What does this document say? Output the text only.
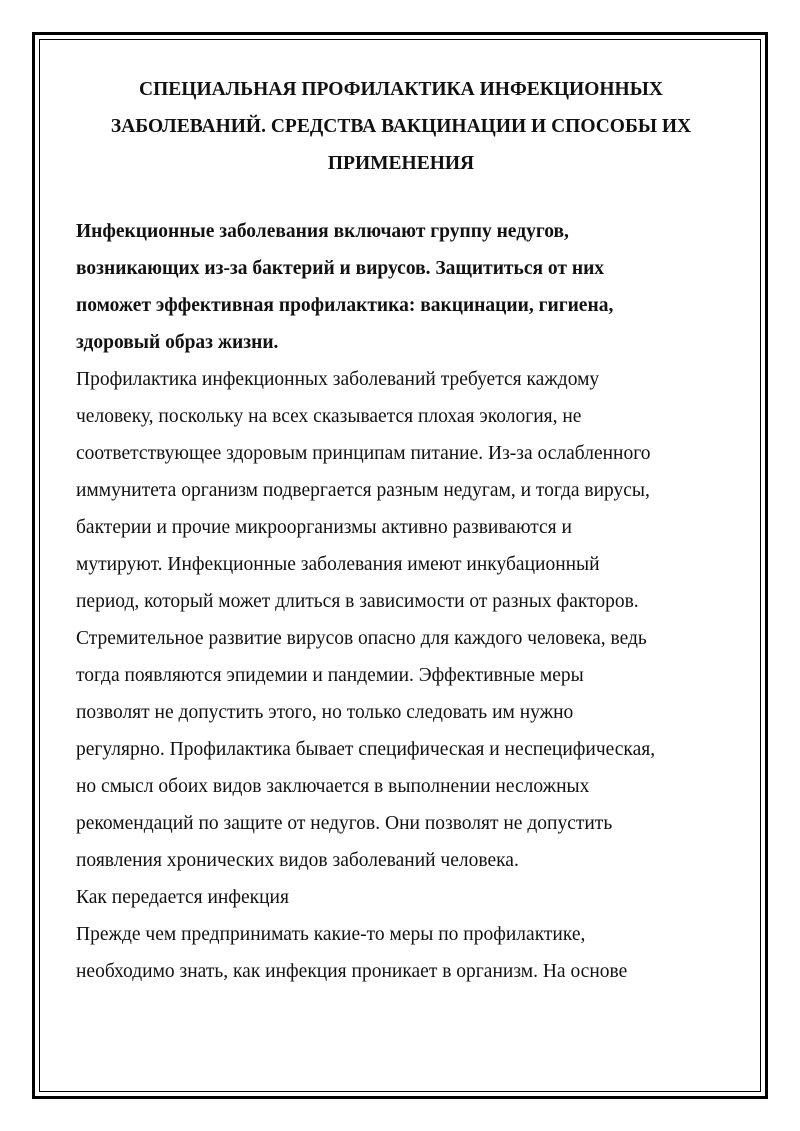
СПЕЦИАЛЬНАЯ ПРОФИЛАКТИКА ИНФЕКЦИОННЫХ
ЗАБОЛЕВАНИЙ. СРЕДСТВА ВАКЦИНАЦИИ И СПОСОБЫ ИХ
ПРИМЕНЕНИЯ

Инфекционные заболевания включают группу недугов,
возникающих из-за бактерий и вирусов. Защититься от них
поможет эффективная профилактика: вакцинации, гигиена,
здоровый образ жизни.

Профилактика инфекционных заболеваний требуется каждому
человеку, поскольку на всех сказывается плохая экология, не
соответствующее здоровым принципам питание. Из-за ослабленного
иммунитета организм подвергается разным недугам, и тогда вирусы,
бактерии и прочие микроорганизмы активно развиваются и
мутируют. Инфекционные заболевания имеют инкубационный
период, который может длиться в зависимости от разных факторов.
Стремительное развитие вирусов опасно для каждого человека, ведь
тогда появляются эпидемии и пандемии. Эффективные меры
позволят не допустить этого, но только следовать им нужно
регулярно. Профилактика бывает специфическая и неспецифическая,
но смысл обоих видов заключается в выполнении несложных
рекомендаций по защите от недугов. Они позволят не допустить
появления хронических видов заболеваний человека.

Как передается инфекция

Прежде чем предпринимать какие-то меры по профилактике,
необходимо знать, как инфекция проникает в организм. На основе
